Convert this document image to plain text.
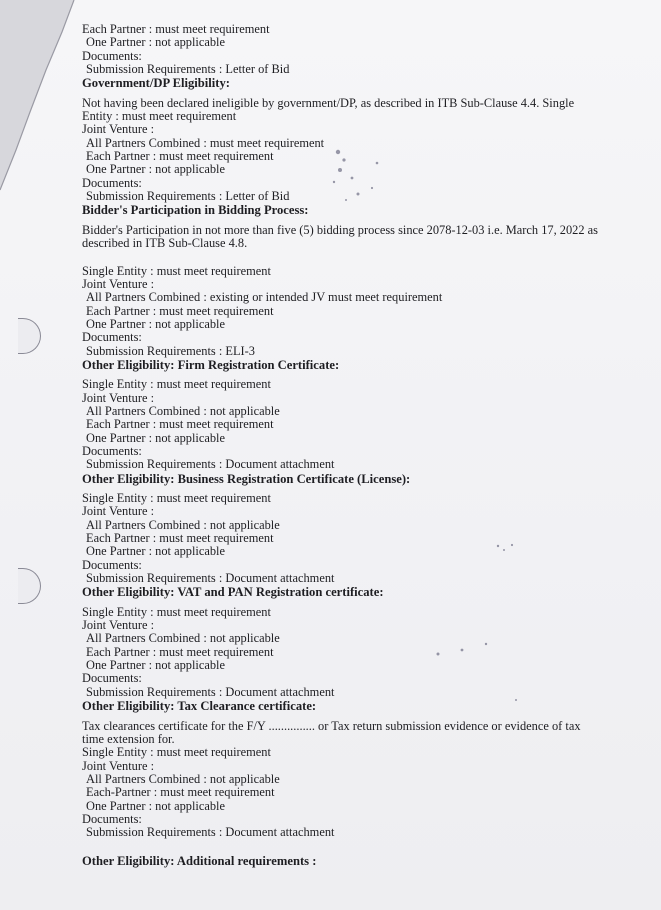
Each Partner : must meet requirement
One Partner : not applicable
Documents:
Submission Requirements : Letter of Bid
Government/DP Eligibility:
Not having been declared ineligible by government/DP, as described in ITB Sub-Clause 4.4. Single Entity : must meet requirement
Joint Venture :
All Partners Combined : must meet requirement
Each Partner : must meet requirement
One Partner : not applicable
Documents:
Submission Requirements : Letter of Bid
Bidder's Participation in Bidding Process:
Bidder's Participation in not more than five (5) bidding process since 2078-12-03 i.e. March 17, 2022 as described in ITB Sub-Clause 4.8.
Single Entity : must meet requirement
Joint Venture :
All Partners Combined : existing or intended JV must meet requirement
Each Partner : must meet requirement
One Partner : not applicable
Documents:
Submission Requirements : ELI-3
Other Eligibility: Firm Registration Certificate:
Single Entity : must meet requirement
Joint Venture :
All Partners Combined : not applicable
Each Partner : must meet requirement
One Partner : not applicable
Documents:
Submission Requirements : Document attachment
Other Eligibility: Business Registration Certificate (License):
Single Entity : must meet requirement
Joint Venture :
All Partners Combined : not applicable
Each Partner : must meet requirement
One Partner : not applicable
Documents:
Submission Requirements : Document attachment
Other Eligibility: VAT and PAN Registration certificate:
Single Entity : must meet requirement
Joint Venture :
All Partners Combined : not applicable
Each Partner : must meet requirement
One Partner : not applicable
Documents:
Submission Requirements : Document attachment
Other Eligibility: Tax Clearance certificate:
Tax clearances certificate for the F/Y ............... or Tax return submission evidence or evidence of tax time extension for.
Single Entity : must meet requirement
Joint Venture :
All Partners Combined : not applicable
Each-Partner : must meet requirement
One Partner : not applicable
Documents:
Submission Requirements : Document attachment
Other Eligibility: Additional requirements :
